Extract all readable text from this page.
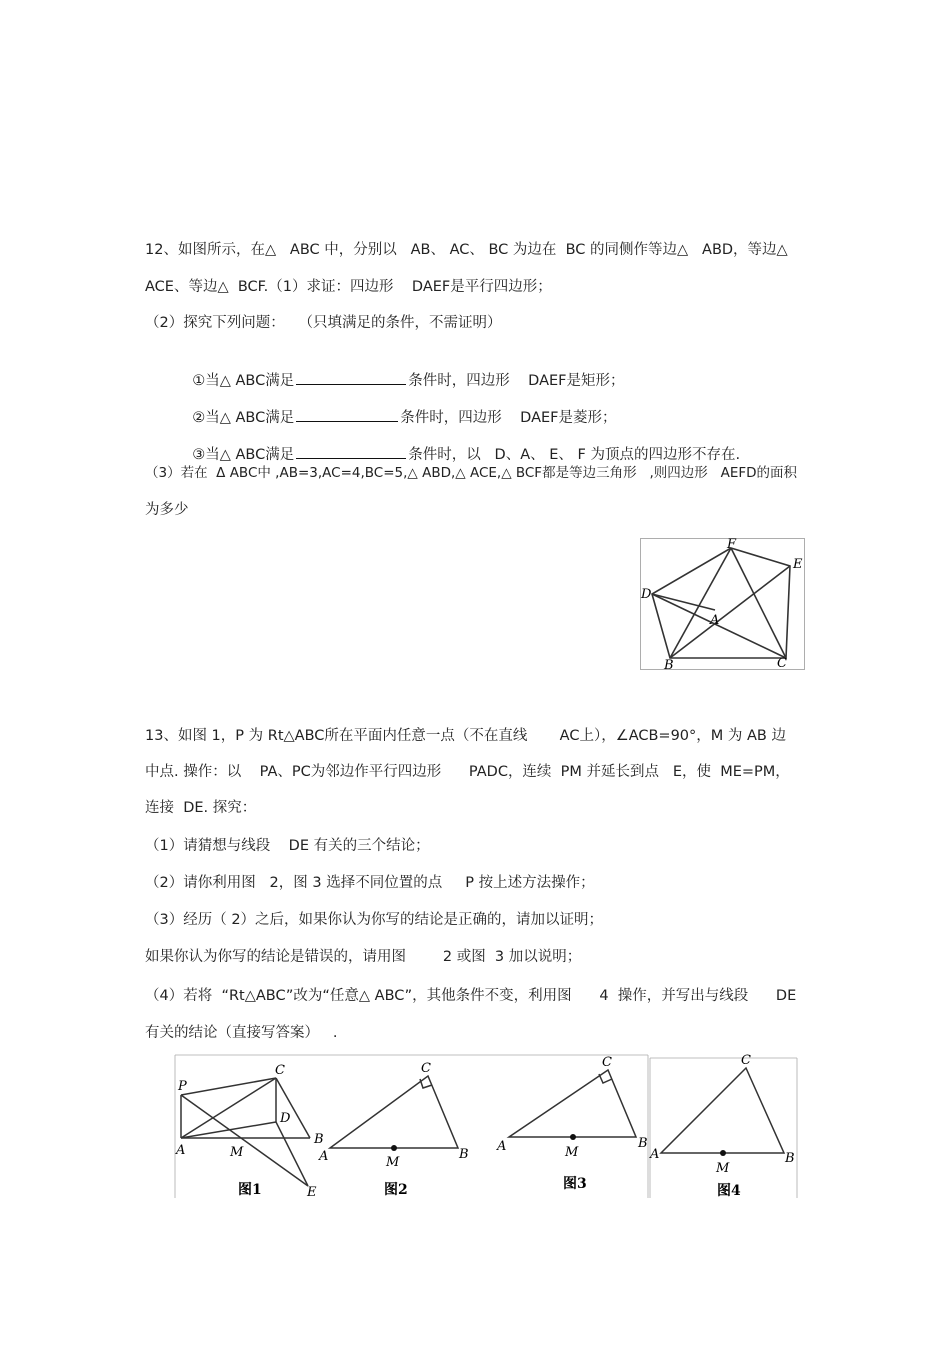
12、如图所示，在△   ABC 中，分别以   AB、 AC、 BC 为边在  BC 的同侧作等边△   ABD，等边△
ACE、等边△  BCF.（1）求证：四边形    DAEF是平行四边形；
（2）探究下列问题：   （只填满足的条件，不需证明）

①当△ ABC满足	条件时，四边形    DAEF是矩形；

②当△ ABC满足	条件时，四边形    DAEF是菱形；

③当△ ABC满足	条件时，以   D、A、 E、 F 为顶点的四边形不存在.

（3）若在  Δ ABC中 ,AB=3,AC=4,BC=5,△ ABD,△ ACE,△ BCF都是等边三角形   ,则四边形   AEFD的面积
为多少
F
E
D
A
B	C
13、如图 1，P 为 Rt△ABC所在平面内任意一点（不在直线       AC上），∠ACB=90°，M 为 AB 边
中点. 操作：以    PA、PC为邻边作平行四边形      PADC，连续  PM 并延长到点   E，使  ME=PM，
连接  DE. 探究：
（1）请猜想与线段    DE 有关的三个结论；
（2）请你利用图   2，图 3 选择不同位置的点     P 按上述方法操作；
（3）经历（ 2）之后，如果你认为你写的结论是正确的，请加以证明；
如果你认为你写的结论是错误的，请用图        2 或图  3 加以说明；
（4）若将  “Rt△ABC”改为“任意△ ABC”，其他条件不变，利用图      4  操作，并写出与线段      DE
有关的结论（直接写答案）   .
P
C
D
A	M
B
E
图1
C
A	M
B
图2
C
A	M
B
图3
C
A
M
B
图4
